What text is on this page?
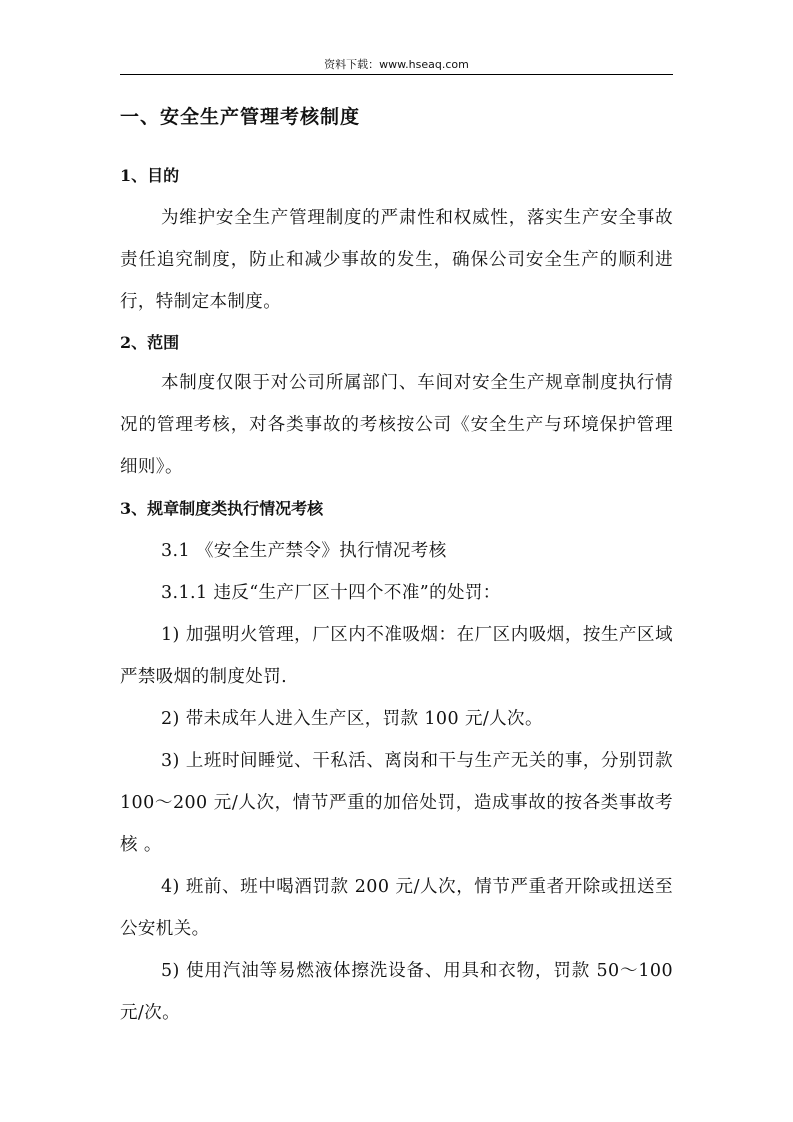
资料下载：www.hseaq.com
一、安全生产管理考核制度
1、目的

为维护安全生产管理制度的严肃性和权威性，落实生产安全事故责任追究制度，防止和减少事故的发生，确保公司安全生产的顺利进行，特制定本制度。

2、范围

本制度仅限于对公司所属部门、车间对安全生产规章制度执行情况的管理考核，对各类事故的考核按公司《安全生产与环境保护管理细则》。

3、规章制度类执行情况考核

3.1 《安全生产禁令》执行情况考核

3.1.1 违反“生产厂区十四个不准”的处罚：

1) 加强明火管理，厂区内不准吸烟：在厂区内吸烟，按生产区域严禁吸烟的制度处罚.

2) 带未成年人进入生产区，罚款 100 元/人次。

3) 上班时间睡觉、干私活、离岗和干与生产无关的事，分别罚款 100～200 元/人次，情节严重的加倍处罚，造成事故的按各类事故考核 。

4) 班前、班中喝酒罚款 200 元/人次，情节严重者开除或扭送至公安机关。

5) 使用汽油等易燃液体擦洗设备、用具和衣物，罚款 50～100 元/次。
